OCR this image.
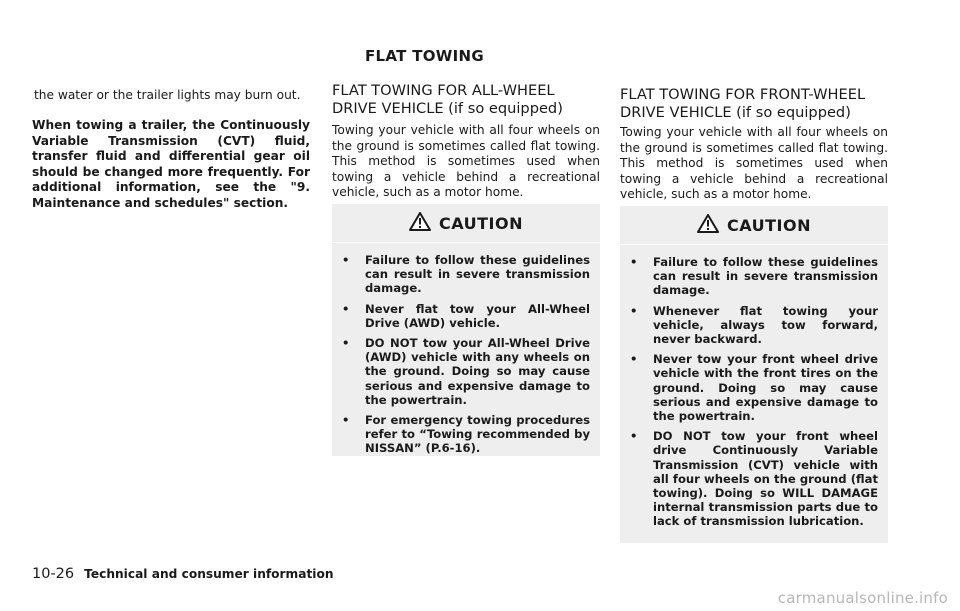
FLAT TOWING

the water or the trailer lights may burn out.

When towing a trailer, the Continuously Variable Transmission (CVT) fluid, transfer fluid and differential gear oil should be changed more frequently. For additional information, see the "9. Maintenance and schedules" section.

FLAT TOWING FOR ALL-WHEEL DRIVE VEHICLE (if so equipped)

Towing your vehicle with all four wheels on the ground is sometimes called flat towing. This method is sometimes used when towing a vehicle behind a recreational vehicle, such as a motor home.

CAUTION
• Failure to follow these guidelines can result in severe transmission damage.
• Never flat tow your All-Wheel Drive (AWD) vehicle.
• DO NOT tow your All-Wheel Drive (AWD) vehicle with any wheels on the ground. Doing so may cause serious and expensive damage to the powertrain.
• For emergency towing procedures refer to “Towing recommended by NISSAN” (P.6-16).
FLAT TOWING FOR FRONT-WHEEL DRIVE VEHICLE (if so equipped)

Towing your vehicle with all four wheels on the ground is sometimes called flat towing. This method is sometimes used when towing a vehicle behind a recreational vehicle, such as a motor home.

CAUTION
• Failure to follow these guidelines can result in severe transmission damage.
• Whenever flat towing your vehicle, always tow forward, never backward.
• Never tow your front wheel drive vehicle with the front tires on the ground. Doing so may cause serious and expensive damage to the powertrain.
• DO NOT tow your front wheel drive Continuously Variable Transmission (CVT) vehicle with all four wheels on the ground (flat towing). Doing so WILL DAMAGE internal transmission parts due to lack of transmission lubrication.
10-26 Technical and consumer information
carmanualsonline.info
